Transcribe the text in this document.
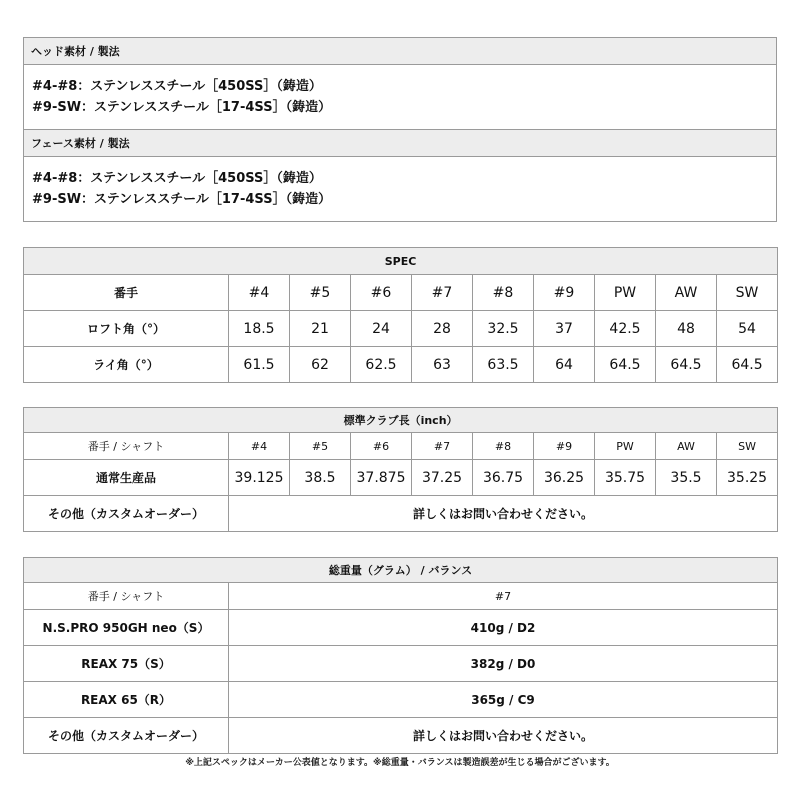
ヘッド素材 / 製法

#4-#8：ステンレススチール［450SS］（鋳造）
#9-SW：ステンレススチール［17-4SS］（鋳造）

フェース素材 / 製法

#4-#8：ステンレススチール［450SS］（鋳造）
#9-SW：ステンレススチール［17-4SS］（鋳造）
SPEC									
番手	#4	#5	#6	#7	#8	#9	PW	AW	SW
ロフト角（°）	18.5	21	24	28	32.5	37	42.5	48	54
ライ角（°）	61.5	62	62.5	63	63.5	64	64.5	64.5	64.5
標準クラブ長（inch）									
番手 / シャフト	#4	#5	#6	#7	#8	#9	PW	AW	SW
通常生産品	39.125	38.5	37.875	37.25	36.75	36.25	35.75	35.5	35.25
その他（カスタムオーダー）	詳しくはお問い合わせください。								
総重量（グラム） / バランス	
番手 / シャフト	#7
N.S.PRO 950GH neo（S）	410g / D2
REAX 75（S）	382g / D0
REAX 65（R）	365g / C9
その他（カスタムオーダー）	詳しくはお問い合わせください。
※上記スペックはメーカー公表値となります。※総重量・バランスは製造誤差が生じる場合がございます。
